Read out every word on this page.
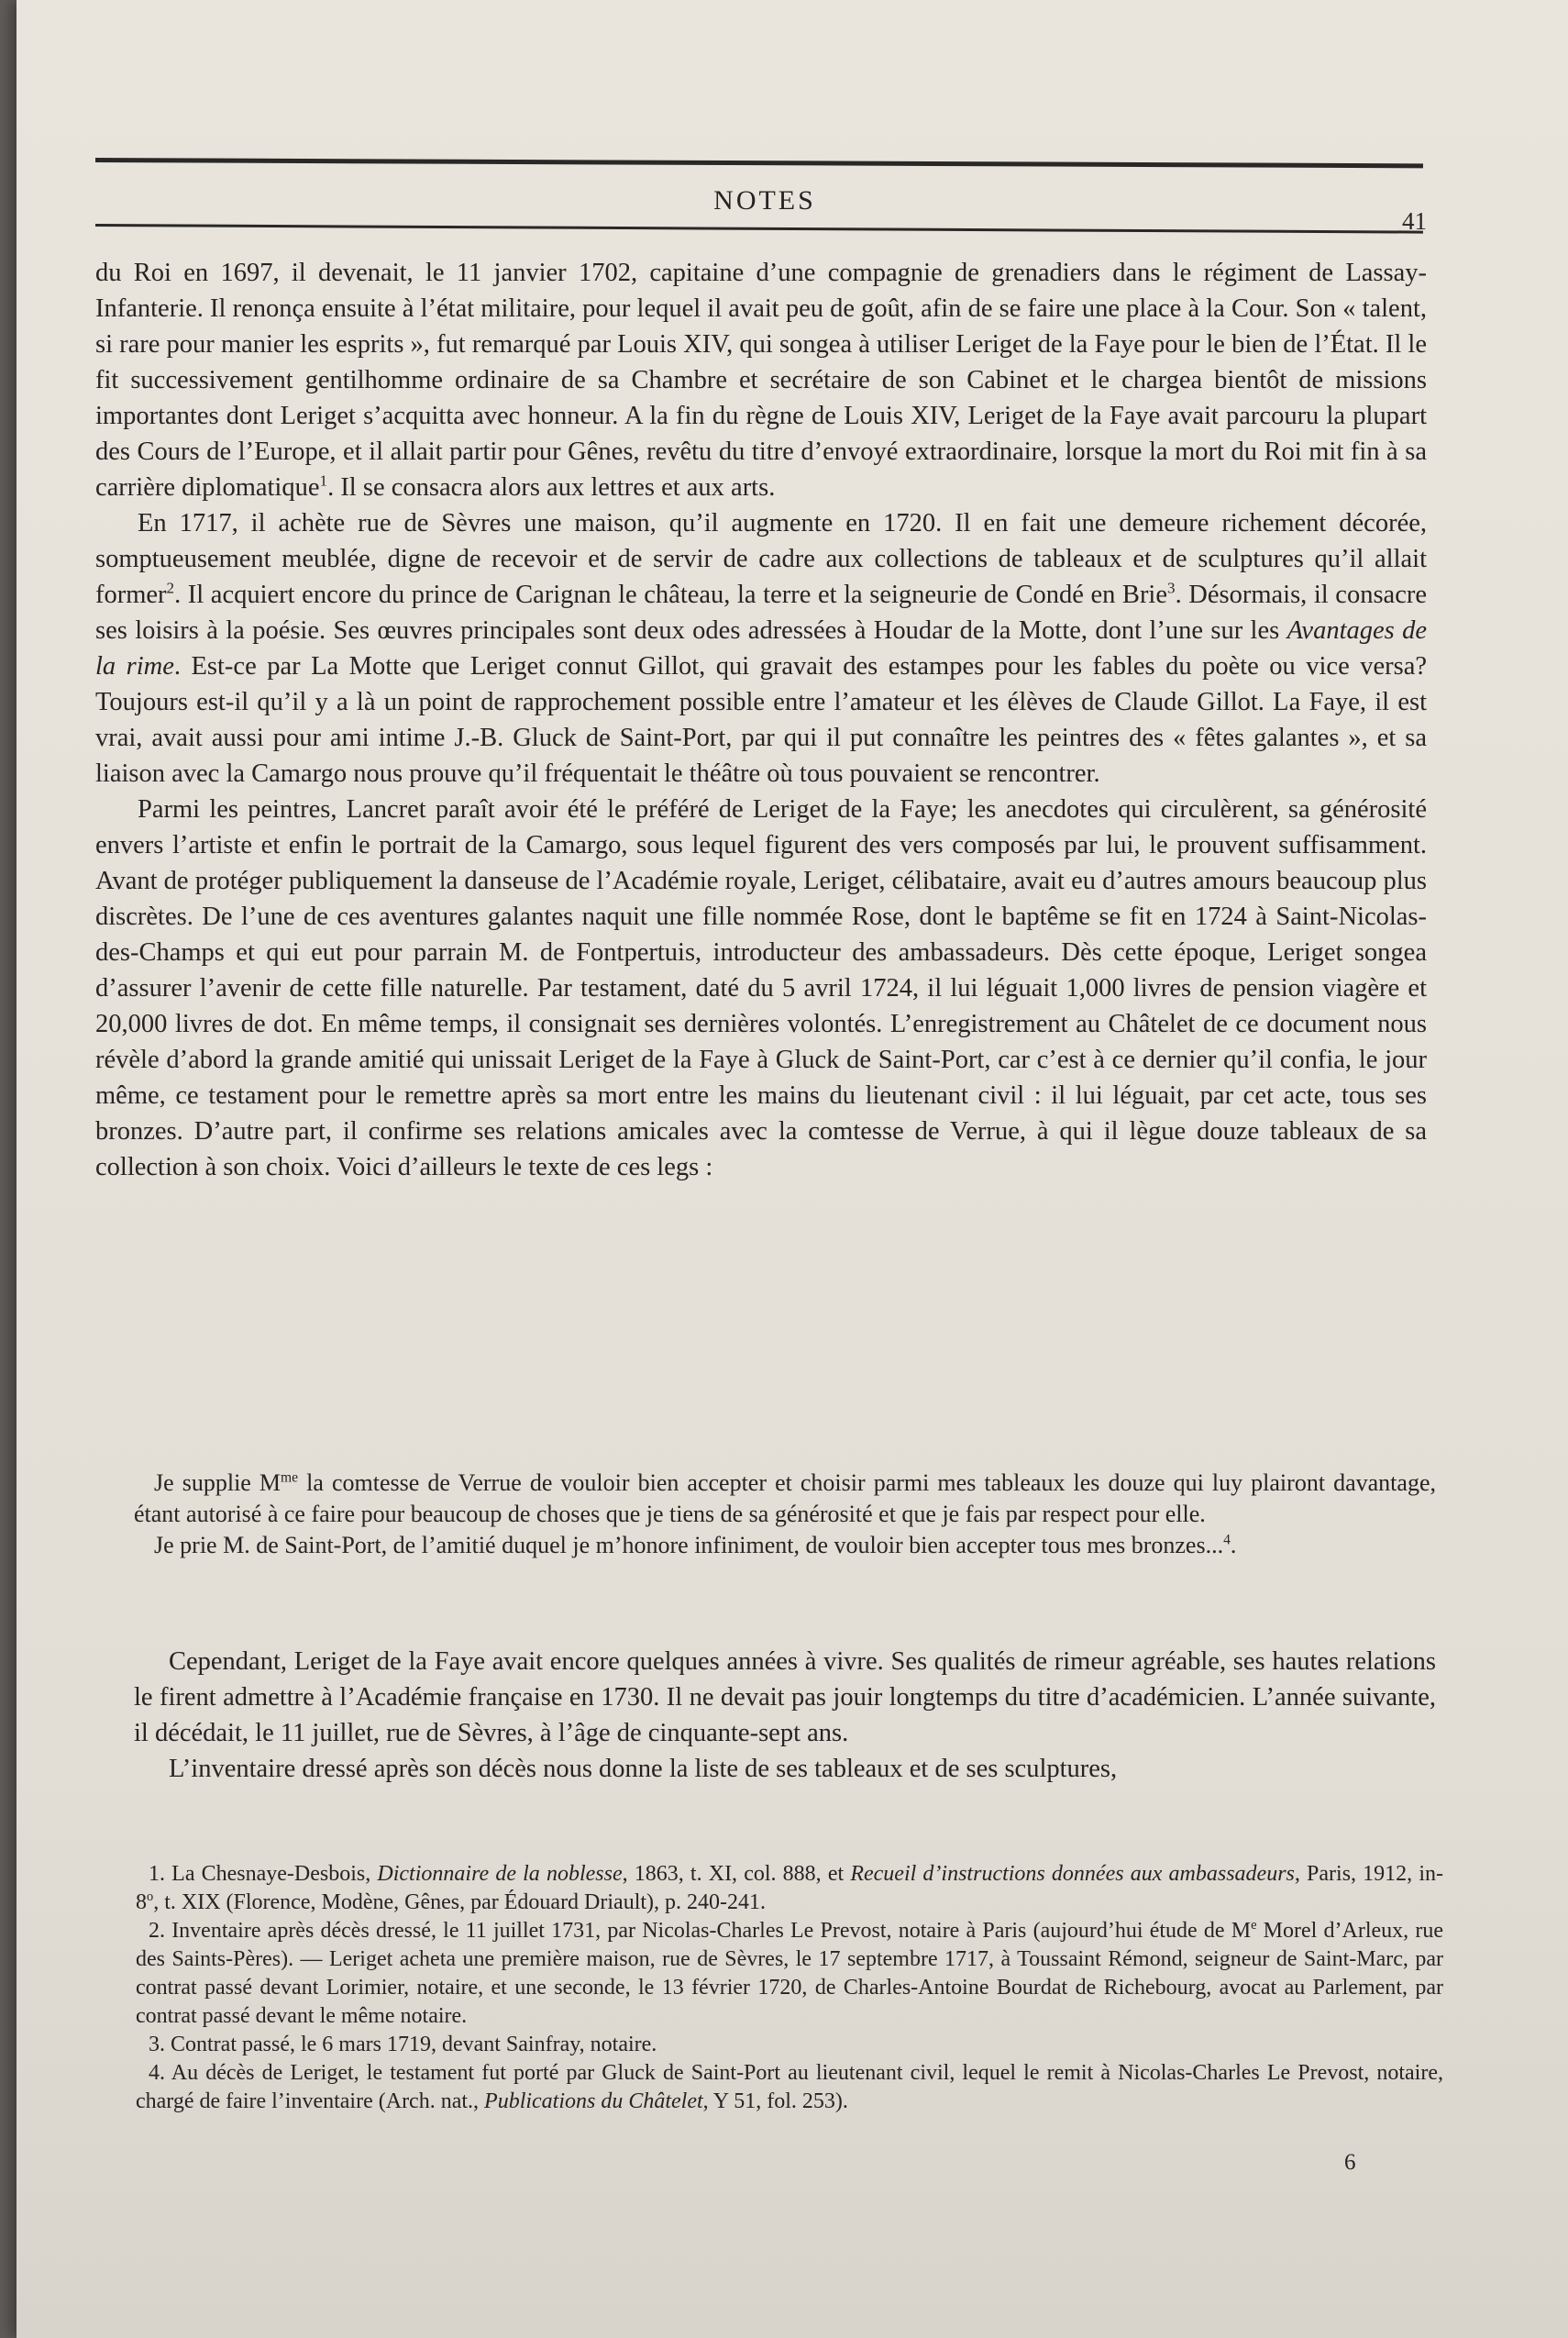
NOTES
41

du Roi en 1697, il devenait, le 11 janvier 1702, capitaine d’une compagnie de grenadiers dans le régiment de Lassay-Infanterie. Il renonça ensuite à l’état militaire, pour lequel il avait peu de goût, afin de se faire une place à la Cour. Son « talent, si rare pour manier les esprits », fut remarqué par Louis XIV, qui songea à utiliser Leriget de la Faye pour le bien de l’État. Il le fit successivement gentilhomme ordinaire de sa Chambre et secrétaire de son Cabinet et le chargea bientôt de missions importantes dont Leriget s’acquitta avec honneur. A la fin du règne de Louis XIV, Leriget de la Faye avait parcouru la plupart des Cours de l’Europe, et il allait partir pour Gênes, revêtu du titre d’envoyé extraordinaire, lorsque la mort du Roi mit fin à sa carrière diplomatique$^1$. Il se consacra alors aux lettres et aux arts.

En 1717, il achète rue de Sèvres une maison, qu’il augmente en 1720. Il en fait une demeure richement décorée, somptueusement meublée, digne de recevoir et de servir de cadre aux collections de tableaux et de sculptures qu’il allait former$^2$. Il acquiert encore du prince de Carignan le château, la terre et la seigneurie de Condé en Brie$^3$. Désormais, il consacre ses loisirs à la poésie. Ses œuvres principales sont deux odes adressées à Houdar de la Motte, dont l’une sur les Avantages de la rime. Est-ce par La Motte que Leriget connut Gillot, qui gravait des estampes pour les fables du poète ou vice versa? Toujours est-il qu’il y a là un point de rapprochement possible entre l’amateur et les élèves de Claude Gillot. La Faye, il est vrai, avait aussi pour ami intime J.-B. Gluck de Saint-Port, par qui il put connaître les peintres des « fêtes galantes », et sa liaison avec la Camargo nous prouve qu’il fréquentait le théâtre où tous pouvaient se rencontrer.

Parmi les peintres, Lancret paraît avoir été le préféré de Leriget de la Faye; les anecdotes qui circulèrent, sa générosité envers l’artiste et enfin le portrait de la Camargo, sous lequel figurent des vers composés par lui, le prouvent suffisamment. Avant de protéger publiquement la danseuse de l’Académie royale, Leriget, célibataire, avait eu d’autres amours beaucoup plus discrètes. De l’une de ces aventures galantes naquit une fille nommée Rose, dont le baptême se fit en 1724 à Saint-Nicolas-des-Champs et qui eut pour parrain M. de Fontpertuis, introducteur des ambassadeurs. Dès cette époque, Leriget songea d’assurer l’avenir de cette fille naturelle. Par testament, daté du 5 avril 1724, il lui léguait 1,000 livres de pension viagère et 20,000 livres de dot. En même temps, il consignait ses dernières volontés. L’enregistrement au Châtelet de ce document nous révèle d’abord la grande amitié qui unissait Leriget de la Faye à Gluck de Saint-Port, car c’est à ce dernier qu’il confia, le jour même, ce testament pour le remettre après sa mort entre les mains du lieutenant civil : il lui léguait, par cet acte, tous ses bronzes. D’autre part, il confirme ses relations amicales avec la comtesse de Verrue, à qui il lègue douze tableaux de sa collection à son choix. Voici d’ailleurs le texte de ces legs :

Je supplie $M^{me}$ la comtesse de Verrue de vouloir bien accepter et choisir parmi mes tableaux les douze qui luy plairont davantage, étant autorisé à ce faire pour beaucoup de choses que je tiens de sa générosité et que je fais par respect pour elle.

Je prie M. de Saint-Port, de l’amitié duquel je m’honore infiniment, de vouloir bien accepter tous mes bronzes...$^4$.

Cependant, Leriget de la Faye avait encore quelques années à vivre. Ses qualités de rimeur agréable, ses hautes relations le firent admettre à l’Académie française en 1730. Il ne devait pas jouir longtemps du titre d’académicien. L’année suivante, il décédait, le 11 juillet, rue de Sèvres, à l’âge de cinquante-sept ans.

L’inventaire dressé après son décès nous donne la liste de ses tableaux et de ses sculptures,

1. La Chesnaye-Desbois, Dictionnaire de la noblesse, 1863, t. XI, col. 888, et Recueil d’instructions données aux ambassadeurs, Paris, 1912, in-8$^o$, t. XIX (Florence, Modène, Gênes, par Édouard Driault), p. 240-241.

2. Inventaire après décès dressé, le 11 juillet 1731, par Nicolas-Charles Le Prevost, notaire à Paris (aujourd’hui étude de Me Morel d’Arleux, rue des Saints-Pères). — Leriget acheta une première maison, rue de Sèvres, le 17 septembre 1717, à Toussaint Rémond, seigneur de Saint-Marc, par contrat passé devant Lorimier, notaire, et une seconde, le 13 février 1720, de Charles-Antoine Bourdat de Richebourg, avocat au Parlement, par contrat passé devant le même notaire.

3. Contrat passé, le 6 mars 1719, devant Sainfray, notaire.

4. Au décès de Leriget, le testament fut porté par Gluck de Saint-Port au lieutenant civil, lequel le remit à Nicolas-Charles Le Prevost, notaire, chargé de faire l’inventaire (Arch. nat., Publications du Châtelet, Y 51, fol. 253).

6
